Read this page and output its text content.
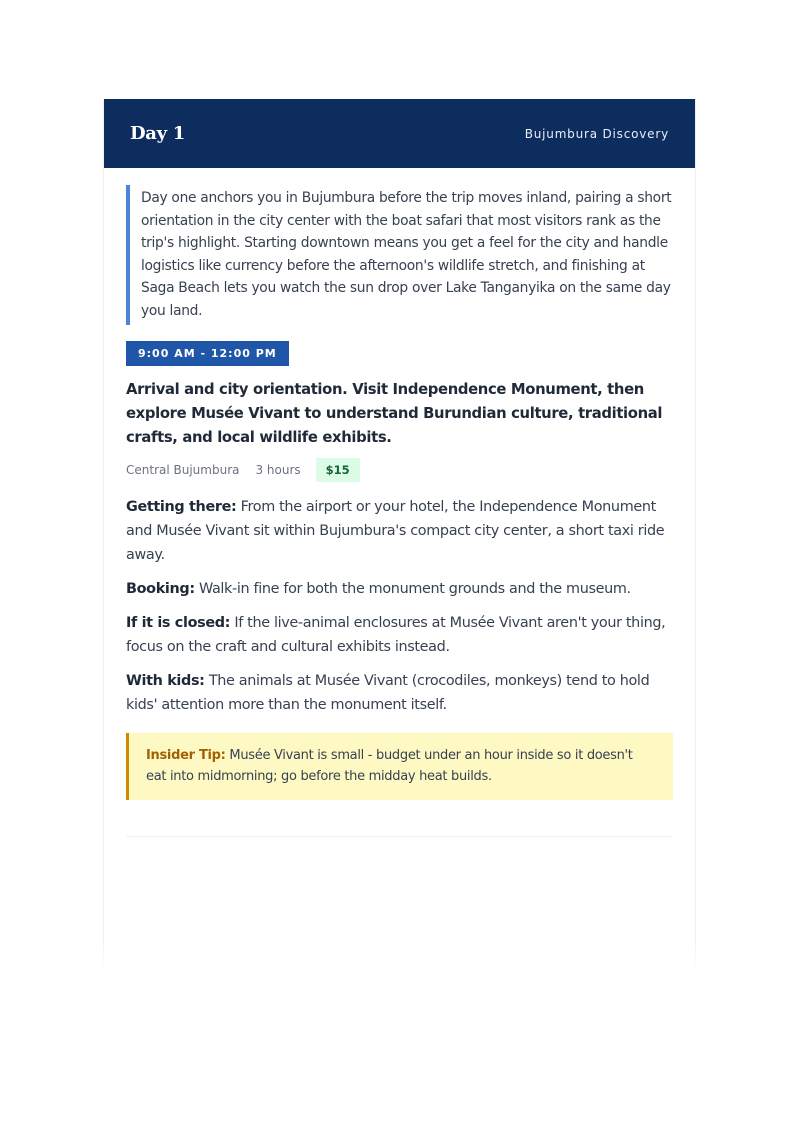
Day 1	Bujumbura Discovery
Day one anchors you in Bujumbura before the trip moves inland, pairing a short orientation in the city center with the boat safari that most visitors rank as the trip's highlight. Starting downtown means you get a feel for the city and handle logistics like currency before the afternoon's wildlife stretch, and finishing at Saga Beach lets you watch the sun drop over Lake Tanganyika on the same day you land.
9:00 AM - 12:00 PM
Arrival and city orientation. Visit Independence Monument, then explore Musée Vivant to understand Burundian culture, traditional crafts, and local wildlife exhibits.
Central Bujumbura 3 hours	$15
Getting there: From the airport or your hotel, the Independence Monument and Musée Vivant sit within Bujumbura's compact city center, a short taxi ride away.
Booking: Walk-in fine for both the monument grounds and the museum.
If it is closed: If the live-animal enclosures at Musée Vivant aren't your thing, focus on the craft and cultural exhibits instead.
With kids: The animals at Musée Vivant (crocodiles, monkeys) tend to hold kids' attention more than the monument itself.
Insider Tip: Musée Vivant is small - budget under an hour inside so it doesn't eat into midmorning; go before the midday heat builds.
